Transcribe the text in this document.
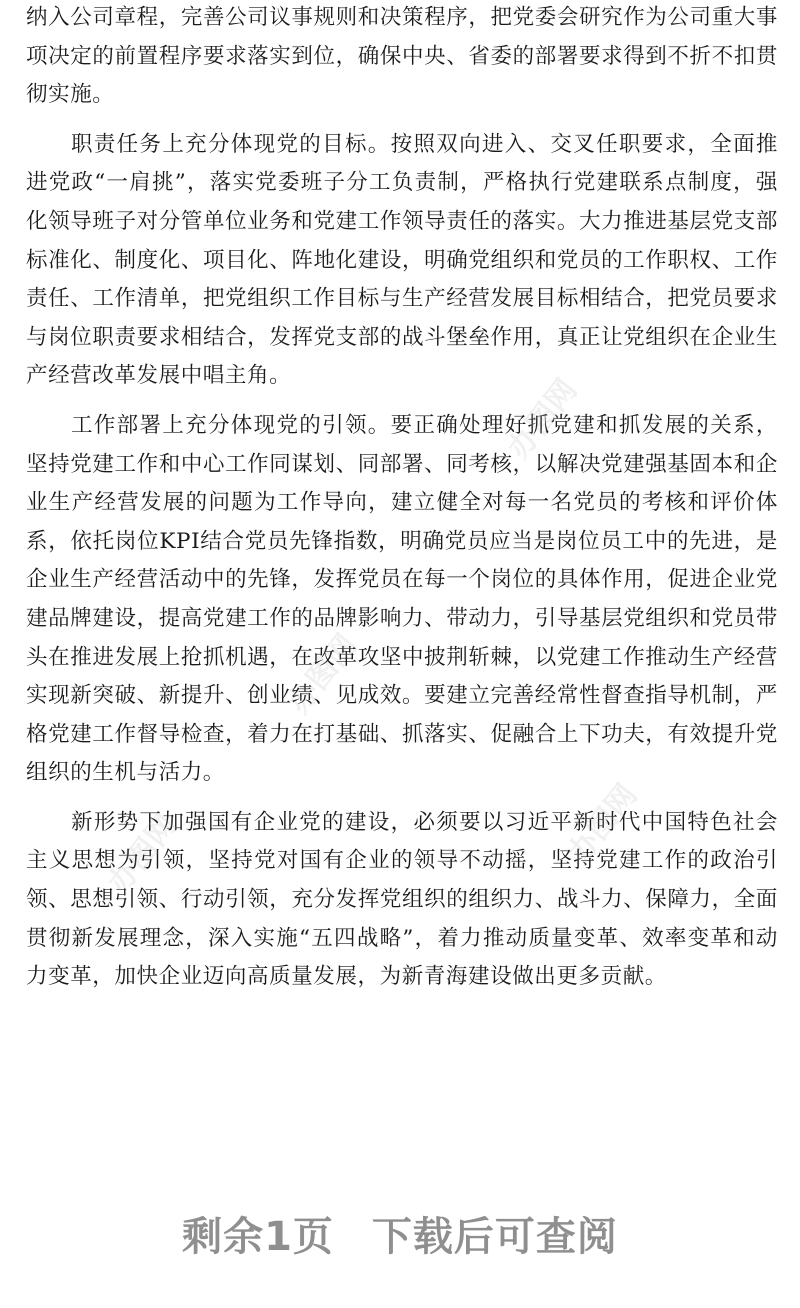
纳入公司章程，完善公司议事规则和决策程序，把党委会研究作为公司重大事项决定的前置程序要求落实到位，确保中央、省委的部署要求得到不折不扣贯彻实施。

职责任务上充分体现党的目标。按照双向进入、交叉任职要求，全面推进党政“一肩挑”，落实党委班子分工负责制，严格执行党建联系点制度，强化领导班子对分管单位业务和党建工作领导责任的落实。大力推进基层党支部标准化、制度化、项目化、阵地化建设，明确党组织和党员的工作职权、工作责任、工作清单，把党组织工作目标与生产经营发展目标相结合，把党员要求与岗位职责要求相结合，发挥党支部的战斗堡垒作用，真正让党组织在企业生产经营改革发展中唱主角。

工作部署上充分体现党的引领。要正确处理好抓党建和抓发展的关系，坚持党建工作和中心工作同谋划、同部署、同考核，以解决党建强基固本和企业生产经营发展的问题为工作导向，建立健全对每一名党员的考核和评价体系，依托岗位KPI结合党员先锋指数，明确党员应当是岗位员工中的先进，是企业生产经营活动中的先锋，发挥党员在每一个岗位的具体作用，促进企业党建品牌建设，提高党建工作的品牌影响力、带动力，引导基层党组织和党员带头在推进发展上抢抓机遇，在改革攻坚中披荆斩棘，以党建工作推动生产经营实现新突破、新提升、创业绩、见成效。要建立完善经常性督查指导机制，严格党建工作督导检查，着力在打基础、抓落实、促融合上下功夫，有效提升党组织的生机与活力。

新形势下加强国有企业党的建设，必须要以习近平新时代中国特色社会主义思想为引领，坚持党对国有企业的领导不动摇，坚持党建工作的政治引领、思想引领、行动引领，充分发挥党组织的组织力、战斗力、保障力，全面贯彻新发展理念，深入实施“五四战略”，着力推动质量变革、效率变革和动力变革，加快企业迈向高质量发展，为新青海建设做出更多贡献。

办图网
办图网
办图网
办图网
剩余1页 下载后可查阅
